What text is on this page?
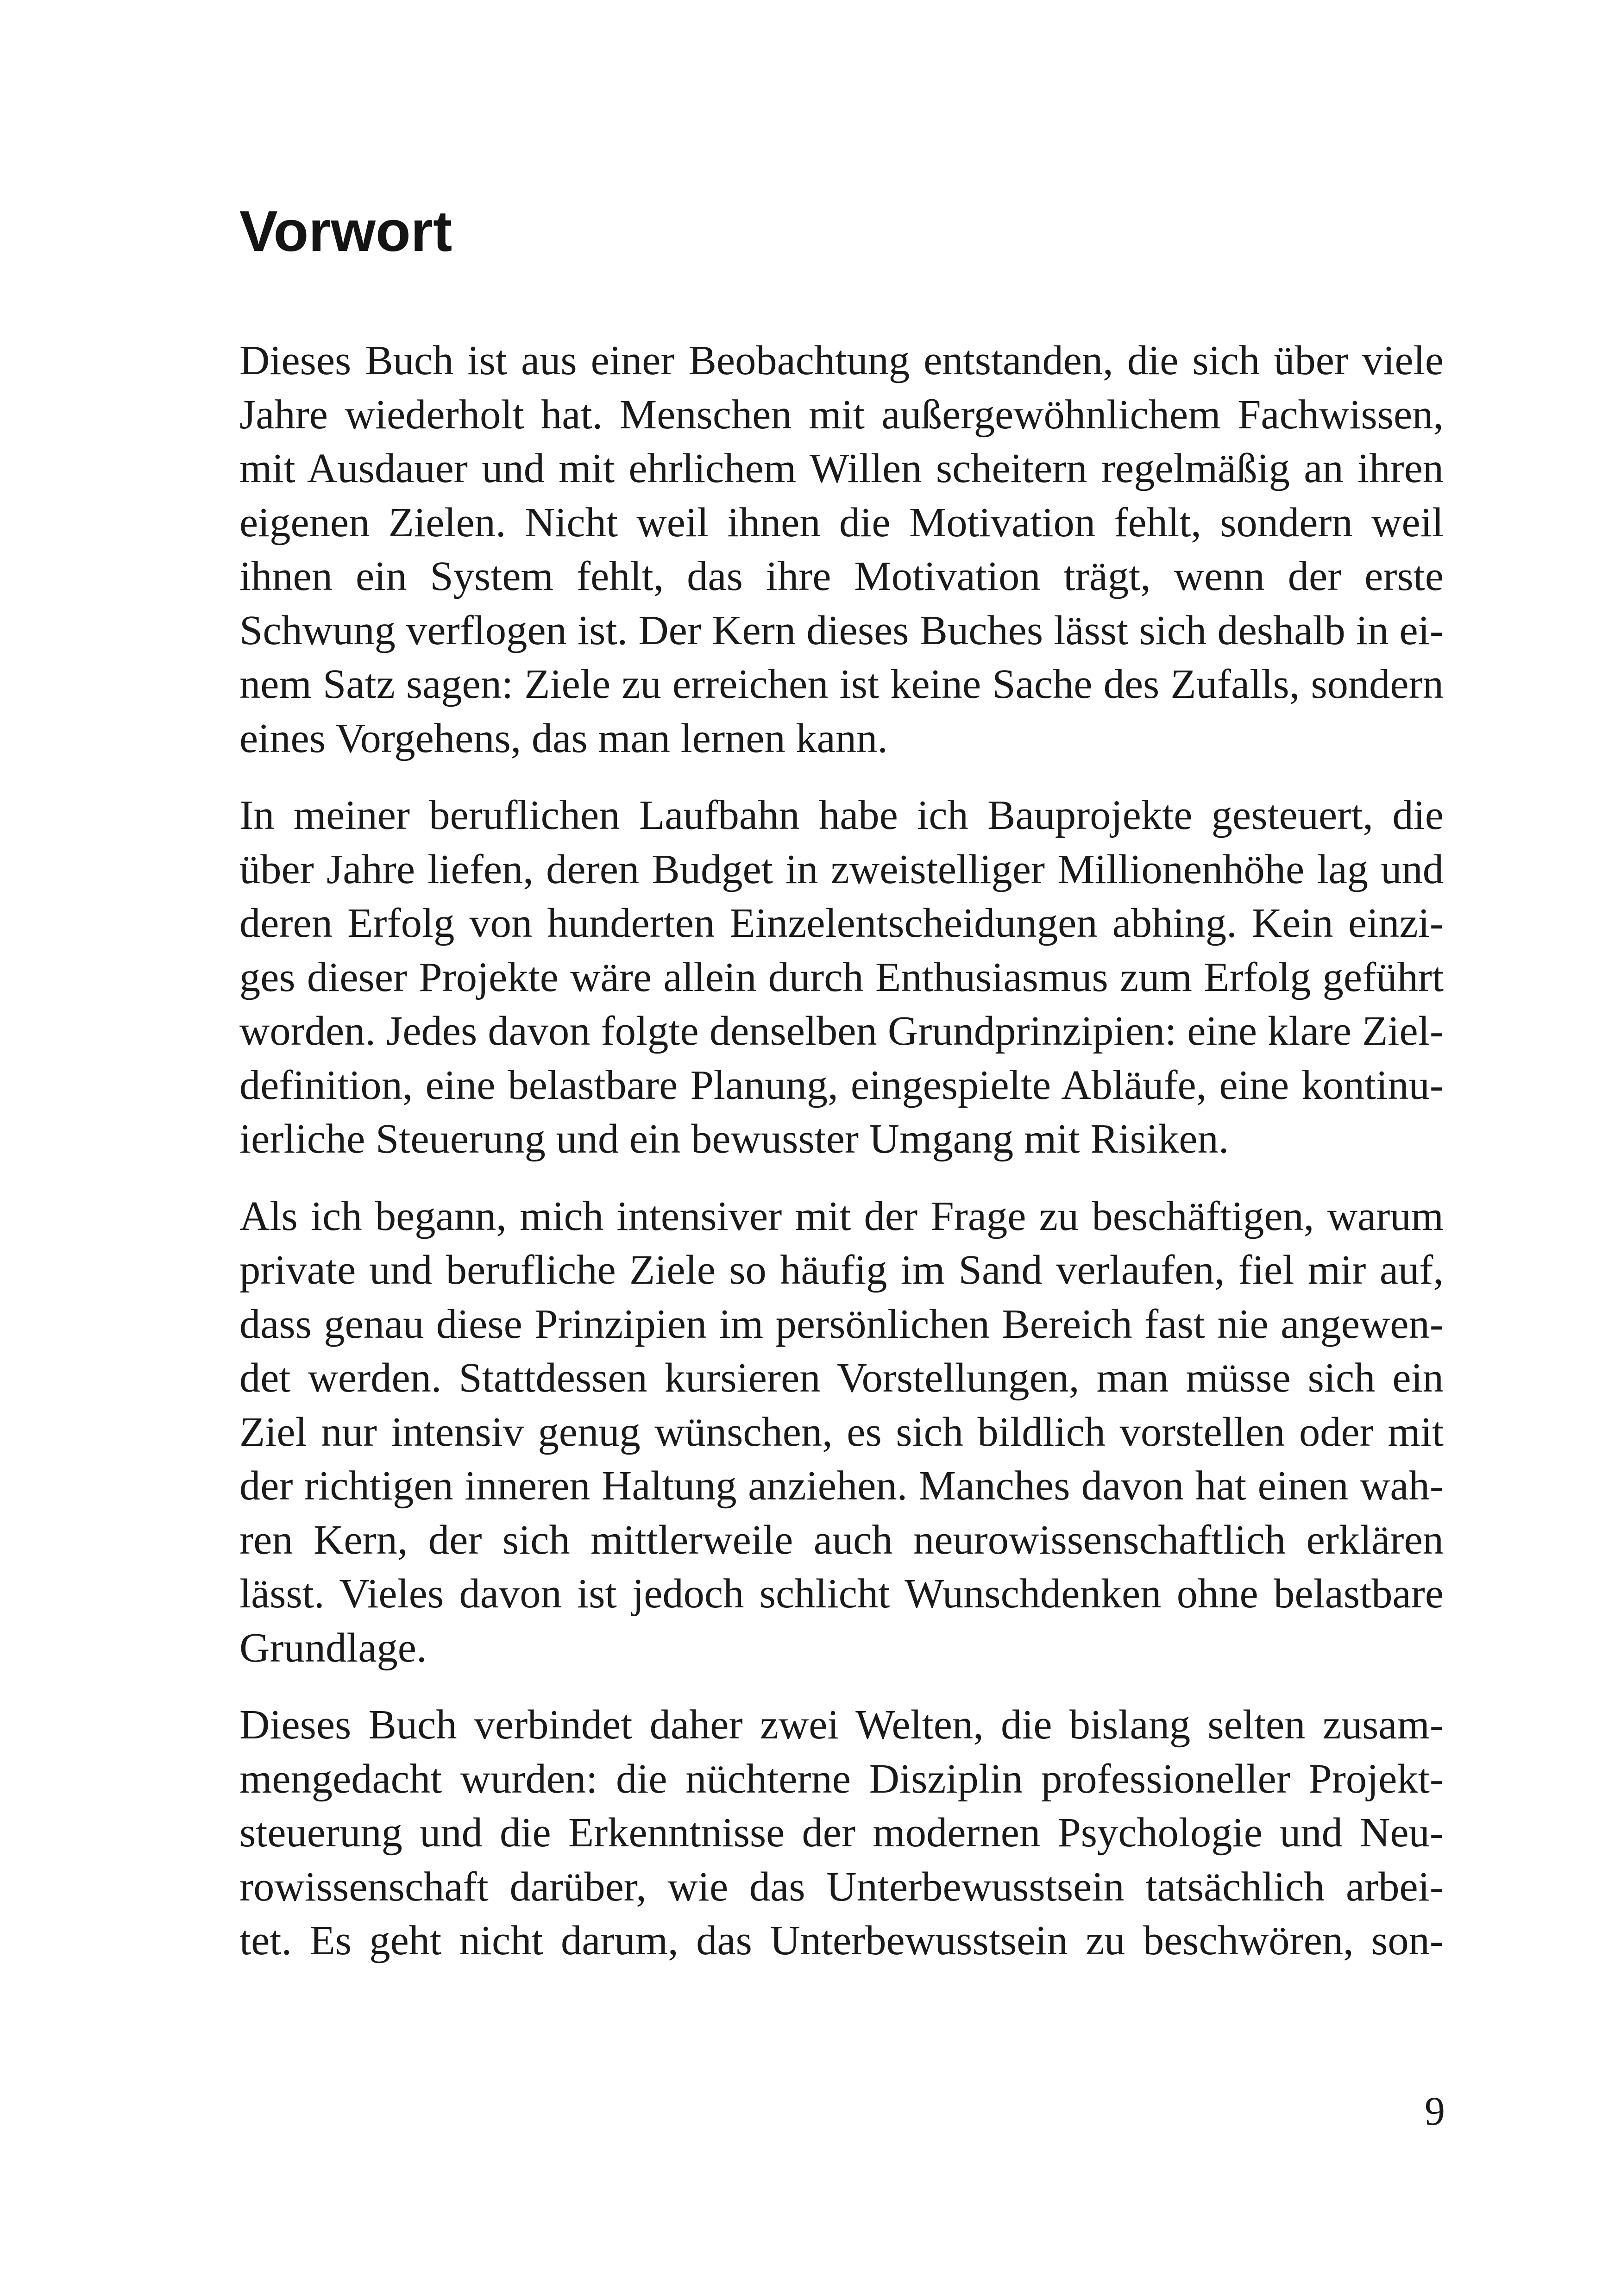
Vorwort

Dieses Buch ist aus einer Beobachtung entstanden, die sich über viele
Jahre wiederholt hat. Menschen mit außergewöhnlichem Fachwissen,
mit Ausdauer und mit ehrlichem Willen scheitern regelmäßig an ihren
eigenen Zielen. Nicht weil ihnen die Motivation fehlt, sondern weil
ihnen ein System fehlt, das ihre Motivation trägt, wenn der erste
Schwung verflogen ist. Der Kern dieses Buches lässt sich deshalb in ei-
nem Satz sagen: Ziele zu erreichen ist keine Sache des Zufalls, sondern
eines Vorgehens, das man lernen kann.

In meiner beruflichen Laufbahn habe ich Bauprojekte gesteuert, die
über Jahre liefen, deren Budget in zweistelliger Millionenhöhe lag und
deren Erfolg von hunderten Einzelentscheidungen abhing. Kein einzi-
ges dieser Projekte wäre allein durch Enthusiasmus zum Erfolg geführt
worden. Jedes davon folgte denselben Grundprinzipien: eine klare Ziel-
definition, eine belastbare Planung, eingespielte Abläufe, eine kontinu-
ierliche Steuerung und ein bewusster Umgang mit Risiken.

Als ich begann, mich intensiver mit der Frage zu beschäftigen, warum
private und berufliche Ziele so häufig im Sand verlaufen, fiel mir auf,
dass genau diese Prinzipien im persönlichen Bereich fast nie angewen-
det werden. Stattdessen kursieren Vorstellungen, man müsse sich ein
Ziel nur intensiv genug wünschen, es sich bildlich vorstellen oder mit
der richtigen inneren Haltung anziehen. Manches davon hat einen wah-
ren Kern, der sich mittlerweile auch neurowissenschaftlich erklären
lässt. Vieles davon ist jedoch schlicht Wunschdenken ohne belastbare
Grundlage.

Dieses Buch verbindet daher zwei Welten, die bislang selten zusam-
mengedacht wurden: die nüchterne Disziplin professioneller Projekt-
steuerung und die Erkenntnisse der modernen Psychologie und Neu-
rowissenschaft darüber, wie das Unterbewusstsein tatsächlich arbei-
tet. Es geht nicht darum, das Unterbewusstsein zu beschwören, son-

9
